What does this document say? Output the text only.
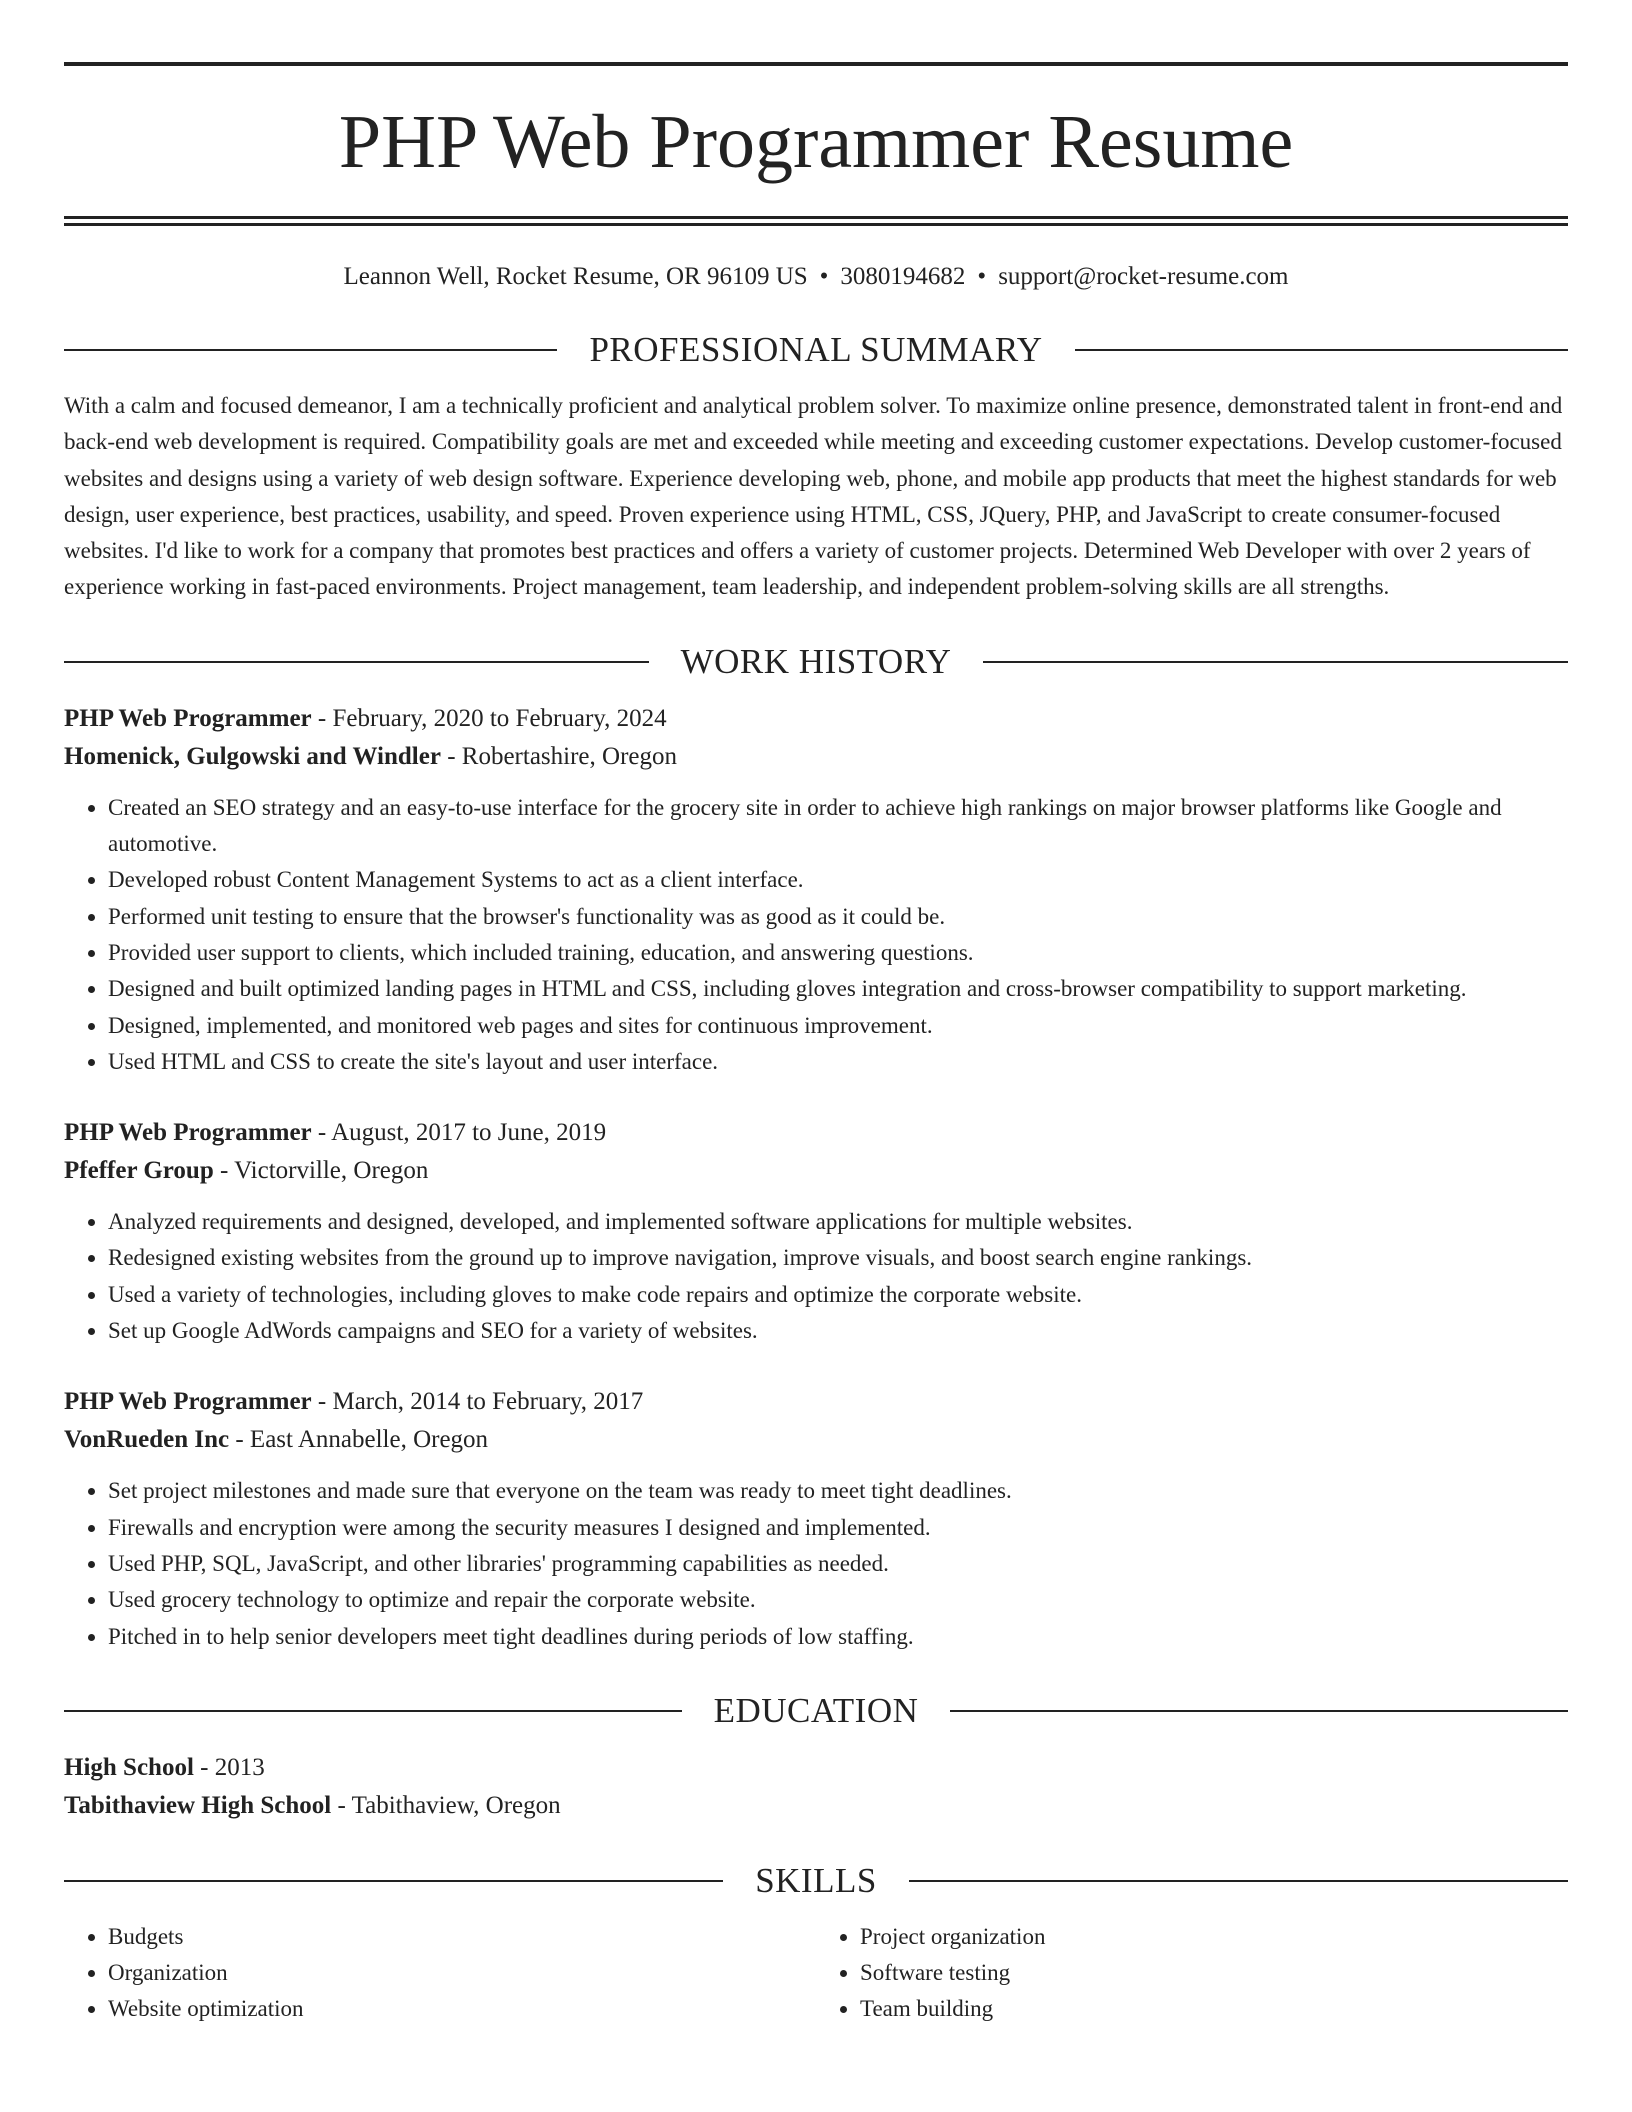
PHP Web Programmer Resume
Leannon Well, Rocket Resume, OR 96109 US • 3080194682 • support@rocket-resume.com
PROFESSIONAL SUMMARY

With a calm and focused demeanor, I am a technically proficient and analytical problem solver. To maximize online presence, demonstrated talent in front-end and back-end web development is required. Compatibility goals are met and exceeded while meeting and exceeding customer expectations. Develop customer-focused websites and designs using a variety of web design software. Experience developing web, phone, and mobile app products that meet the highest standards for web design, user experience, best practices, usability, and speed. Proven experience using HTML, CSS, JQuery, PHP, and JavaScript to create consumer-focused websites. I'd like to work for a company that promotes best practices and offers a variety of customer projects. Determined Web Developer with over 2 years of experience working in fast-paced environments. Project management, team leadership, and independent problem-solving skills are all strengths.

WORK HISTORY
PHP Web Programmer - February, 2020 to February, 2024
Homenick, Gulgowski and Windler - Robertashire, Oregon
• Created an SEO strategy and an easy-to-use interface for the grocery site in order to achieve high rankings on major browser platforms like Google and automotive.
• Developed robust Content Management Systems to act as a client interface.
• Performed unit testing to ensure that the browser's functionality was as good as it could be.
• Provided user support to clients, which included training, education, and answering questions.
• Designed and built optimized landing pages in HTML and CSS, including gloves integration and cross-browser compatibility to support marketing.
• Designed, implemented, and monitored web pages and sites for continuous improvement.
• Used HTML and CSS to create the site's layout and user interface.
PHP Web Programmer - August, 2017 to June, 2019
Pfeffer Group - Victorville, Oregon
• Analyzed requirements and designed, developed, and implemented software applications for multiple websites.
• Redesigned existing websites from the ground up to improve navigation, improve visuals, and boost search engine rankings.
• Used a variety of technologies, including gloves to make code repairs and optimize the corporate website.
• Set up Google AdWords campaigns and SEO for a variety of websites.
PHP Web Programmer - March, 2014 to February, 2017
VonRueden Inc - East Annabelle, Oregon
• Set project milestones and made sure that everyone on the team was ready to meet tight deadlines.
• Firewalls and encryption were among the security measures I designed and implemented.
• Used PHP, SQL, JavaScript, and other libraries' programming capabilities as needed.
• Used grocery technology to optimize and repair the corporate website.
• Pitched in to help senior developers meet tight deadlines during periods of low staffing.
EDUCATION
High School - 2013
Tabithaview High School - Tabithaview, Oregon
SKILLS
• Budgets
• Organization
• Website optimization
• Project organization
• Software testing
• Team building
